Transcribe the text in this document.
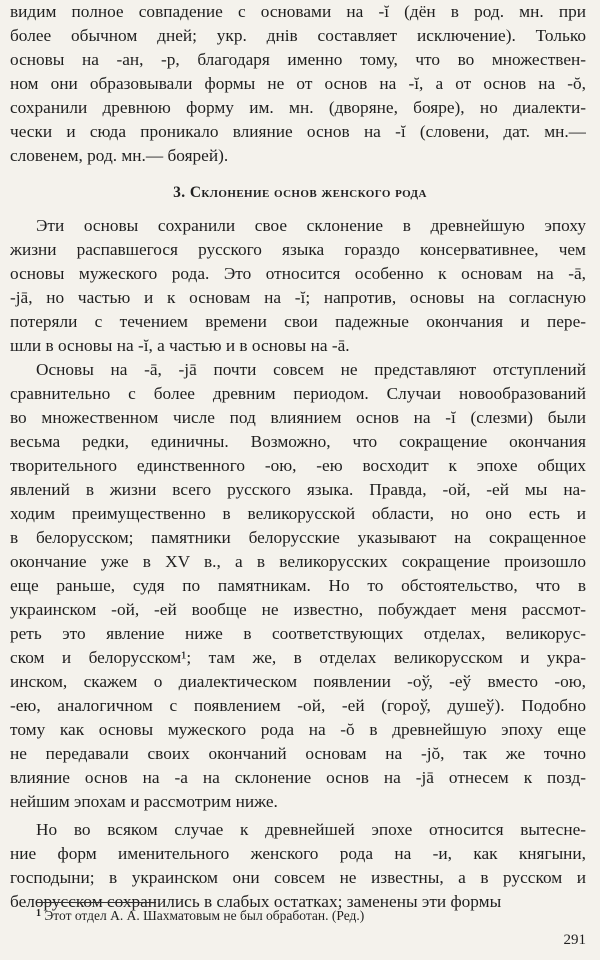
видим полное совпадение с основами на -ĭ (дён в род. мн. при
более обычном дней; укр. днів составляет исключение). Только
основы на -ан, -р, благодаря именно тому, что во множествен-
ном они образовывали формы не от основ на -ĭ, а от основ на -ŏ,
сохранили древнюю форму им. мн. (дворяне, бояре), но диалекти-
чески и сюда проникало влияние основ на -ĭ (словени, дат. мн.—
словенем, род. мн.— боярей).
Эти основы сохранили свое склонение в древнейшую эпоху
жизни распавшегося русского языка гораздо консервативнее, чем
основы мужеского рода. Это относится особенно к основам на -ā,
-jā, но частью и к основам на -ĭ; напротив, основы на согласную
потеряли с течением времени свои падежные окончания и пере-
шли в основы на -ĭ, а частью и в основы на -ā.
Основы на -ā, -jā почти совсем не представляют отступлений
сравнительно с более древним периодом. Случаи новообразований
во множественном числе под влиянием основ на -ĭ (слезми) были
весьма редки, единичны. Возможно, что сокращение окончания
творительного единственного -ою, -ею восходит к эпохе общих
явлений в жизни всего русского языка. Правда, -ой, -ей мы на-
ходим преимущественно в великорусской области, но оно есть и
в белорусском; памятники белорусские указывают на сокращенное
окончание уже в XV в., а в великорусских сокращение произошло
еще раньше, судя по памятникам. Но то обстоятельство, что в
украинском -ой, -ей вообще не известно, побуждает меня рассмот-
реть это явление ниже в соответствующих отделах, великорус-
ском и белорусском¹; там же, в отделах великорусском и укра-
инском, скажем о диалектическом появлении -оў, -еў вместо -ою,
-ею, аналогичном с появлением -ой, -ей (гороў, душеў). Подобно
тому как основы мужеского рода на -ŏ в древнейшую эпоху еще
не передавали своих окончаний основам на -jŏ, так же точно
влияние основ на -а на склонение основ на -jā отнесем к позд-
нейшим эпохам и рассмотрим ниже.
Но во всяком случае к древнейшей эпохе относится вытесне-
ние форм именительного женского рода на -и, как княгыни,
господыни; в украинском они совсем не известны, а в русском и
белорусском сохранились в слабых остатках; заменены эти формы
3. Склонение основ женского рода
$^1$ Этот отдел А. А. Шахматовым не был обработан. (Ред.)
291
